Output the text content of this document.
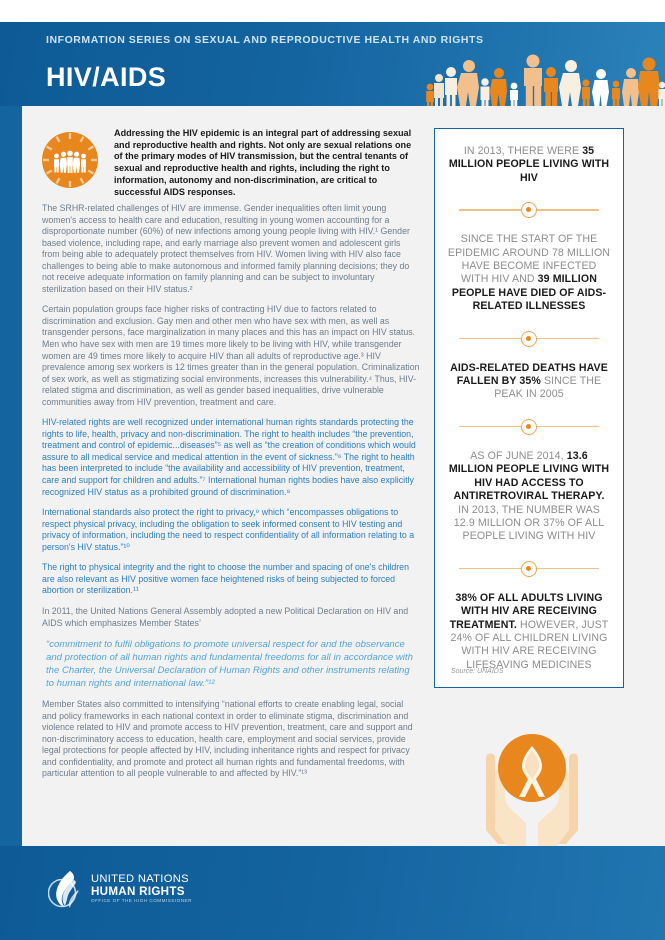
INFORMATION SERIES ON SEXUAL AND REPRODUCTIVE HEALTH AND RIGHTS
HIV/AIDS
Addressing the HIV epidemic is an integral part of addressing sexual and reproductive health and rights. Not only are sexual relations one of the primary modes of HIV transmission, but the central tenants of sexual and reproductive health and rights, including the right to information, autonomy and non-discrimination, are critical to successful AIDS responses.

The SRHR-related challenges of HIV are immense. Gender inequalities often limit young women's access to health care and education, resulting in young women accounting for a disproportionate number (60%) of new infections among young people living with HIV.¹ Gender based violence, including rape, and early marriage also prevent women and adolescent girls from being able to adequately protect themselves from HIV. Women living with HIV also face challenges to being able to make autonomous and informed family planning decisions; they do not receive adequate information on family planning and can be subject to involuntary sterilization based on their HIV status.²

Certain population groups face higher risks of contracting HIV due to factors related to discrimination and exclusion. Gay men and other men who have sex with men, as well as transgender persons, face marginalization in many places and this has an impact on HIV status. Men who have sex with men are 19 times more likely to be living with HIV, while transgender women are 49 times more likely to acquire HIV than all adults of reproductive age.³ HIV prevalence among sex workers is 12 times greater than in the general population. Criminalization of sex work, as well as stigmatizing social environments, increases this vulnerability.⁴ Thus, HIV-related stigma and discrimination, as well as gender based inequalities, drive vulnerable communities away from HIV prevention, treatment and care.

HIV-related rights are well recognized under international human rights standards protecting the rights to life, health, privacy and non-discrimination. The right to health includes “the prevention, treatment and control of epidemic...diseases”⁵ as well as “the creation of conditions which would assure to all medical service and medical attention in the event of sickness.”⁶ The right to health has been interpreted to include “the availability and accessibility of HIV prevention, treatment, care and support for children and adults.”⁷ International human rights bodies have also explicitly recognized HIV status as a prohibited ground of discrimination.⁸

International standards also protect the right to privacy,⁹ which “encompasses obligations to respect physical privacy, including the obligation to seek informed consent to HIV testing and privacy of information, including the need to respect confidentiality of all information relating to a person's HIV status.”¹⁰

The right to physical integrity and the right to choose the number and spacing of one's children are also relevant as HIV positive women face heightened risks of being subjected to forced abortion or sterilization.¹¹

In 2011, the United Nations General Assembly adopted a new Political Declaration on HIV and AIDS which emphasizes Member States’

“commitment to fulfil obligations to promote universal respect for and the observance and protection of all human rights and fundamental freedoms for all in accordance with the Charter, the Universal Declaration of Human Rights and other instruments relating to human rights and international law.”¹²

Member States also committed to intensifying “national efforts to create enabling legal, social and policy frameworks in each national context in order to eliminate stigma, discrimination and violence related to HIV and promote access to HIV prevention, treatment, care and support and non-discriminatory access to education, health care, employment and social services, provide legal protections for people affected by HIV, including inheritance rights and respect for privacy and confidentiality, and promote and protect all human rights and fundamental freedoms, with particular attention to all people vulnerable to and affected by HIV.”¹³

IN 2013, THERE WERE 35 MILLION PEOPLE LIVING WITH HIV
SINCE THE START OF THE EPIDEMIC AROUND 78 MILLION HAVE BECOME INFECTED WITH HIV AND 39 MILLION PEOPLE HAVE DIED OF AIDS-RELATED ILLNESSES
AIDS-RELATED DEATHS HAVE FALLEN BY 35% SINCE THE PEAK IN 2005
AS OF JUNE 2014, 13.6 MILLION PEOPLE LIVING WITH HIV HAD ACCESS TO ANTIRETROVIRAL THERAPY. IN 2013, THE NUMBER WAS 12.9 MILLION OR 37% OF ALL PEOPLE LIVING WITH HIV
38% OF ALL ADULTS LIVING WITH HIV ARE RECEIVING TREATMENT. HOWEVER, JUST 24% OF ALL CHILDREN LIVING WITH HIV ARE RECEIVING LIFESAVING MEDICINES
Source: UNAIDS
UNITED NATIONS
HUMAN RIGHTS
OFFICE OF THE HIGH COMMISSIONER
